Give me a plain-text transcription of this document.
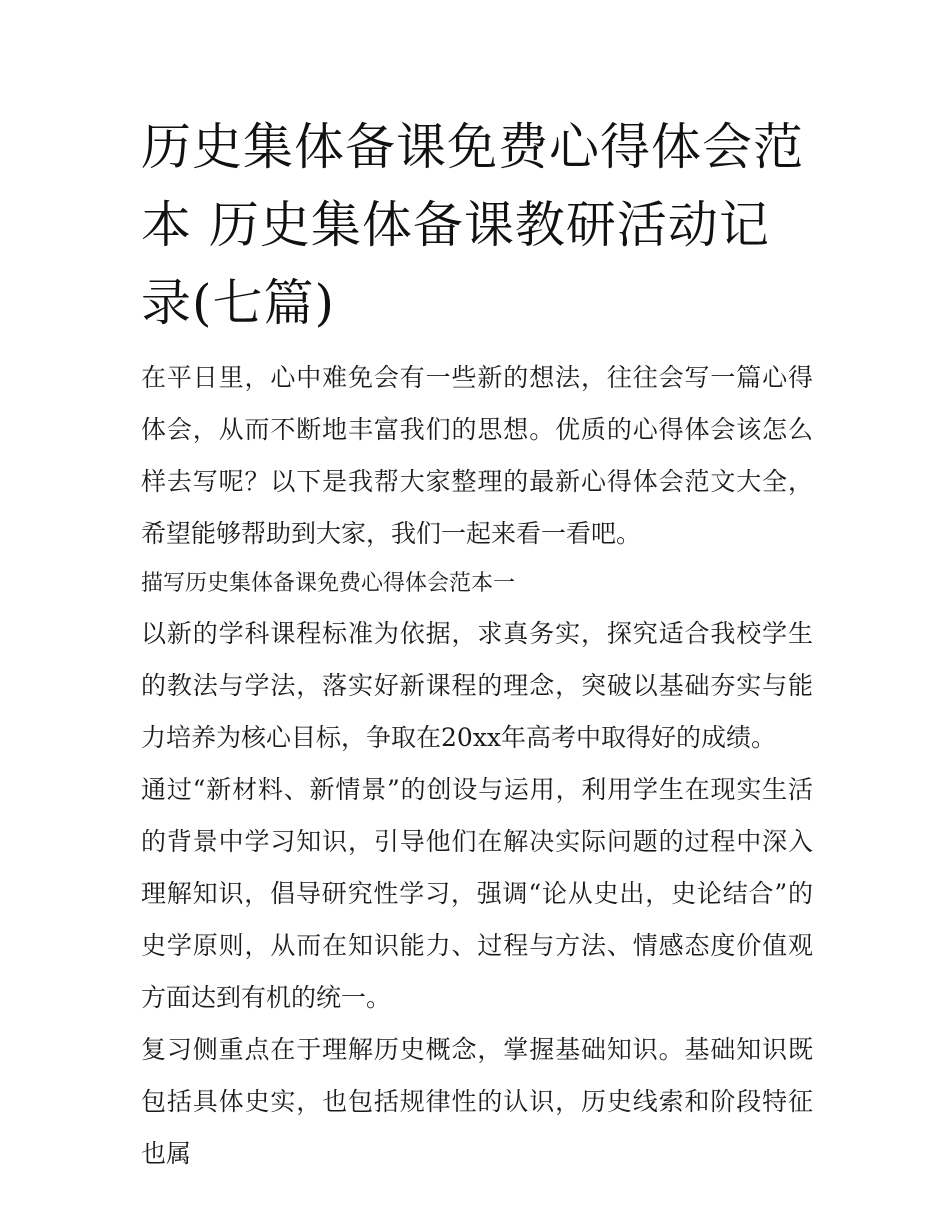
历史集体备课免费心得体会范本 历史集体备课教研活动记录(七篇)

在平日里，心中难免会有一些新的想法，往往会写一篇心得体会，从而不断地丰富我们的思想。优质的心得体会该怎么样去写呢？以下是我帮大家整理的最新心得体会范文大全，希望能够帮助到大家，我们一起来看一看吧。

描写历史集体备课免费心得体会范本一

以新的学科课程标准为依据，求真务实，探究适合我校学生的教法与学法，落实好新课程的理念，突破以基础夯实与能力培养为核心目标，争取在20xx年高考中取得好的成绩。

通过“新材料、新情景”的创设与运用，利用学生在现实生活的背景中学习知识，引导他们在解决实际问题的过程中深入理解知识，倡导研究性学习，强调“论从史出，史论结合”的史学原则，从而在知识能力、过程与方法、情感态度价值观方面达到有机的统一。

复习侧重点在于理解历史概念，掌握基础知识。基础知识既包括具体史实，也包括规律性的认识，历史线索和阶段特征也属
